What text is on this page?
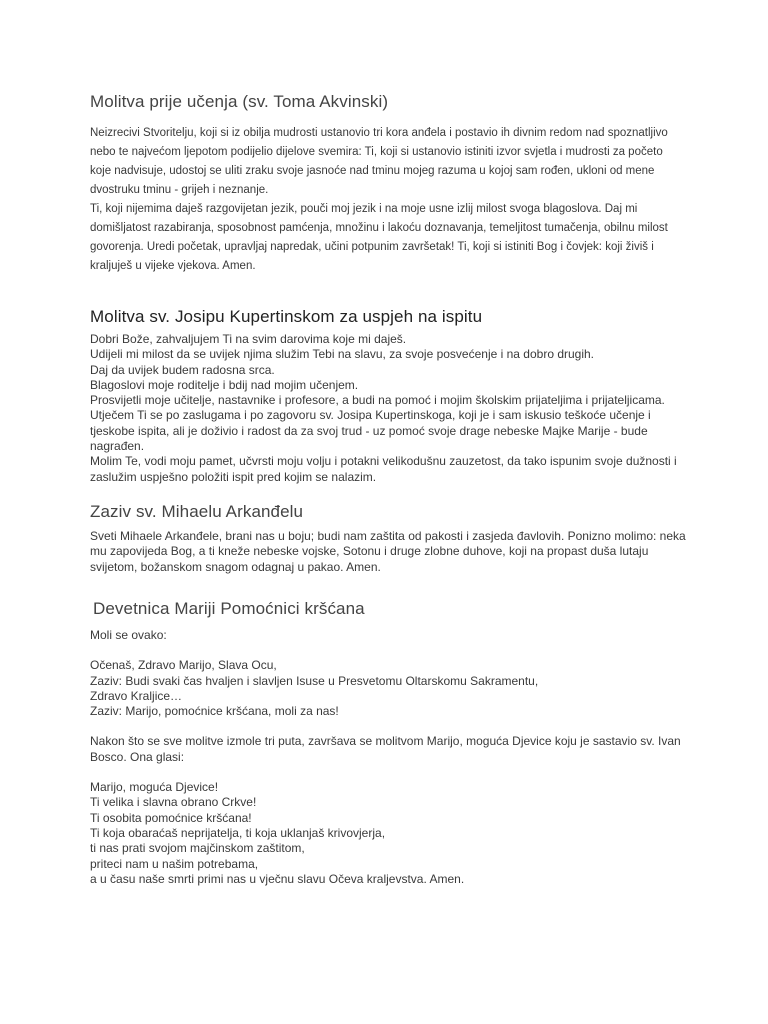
Molitva prije učenja (sv. Toma Akvinski)

Neizrecivi Stvoritelju, koji si iz obilja mudrosti ustanovio tri kora anđela i postavio ih divnim redom nad spoznatljivo
nebo te najvećom ljepotom podijelio dijelove svemira: Ti, koji si ustanovio istiniti izvor svjetla i mudrosti za početo
koje nadvisuje, udostoj se uliti zraku svoje jasnoće nad tminu mojeg razuma u kojoj sam rođen, ukloni od mene
dvostruku tminu - grijeh i neznanje.
Ti, koji nijemima daješ razgovijetan jezik, pouči moj jezik i na moje usne izlij milost svoga blagoslova. Daj mi
domišljatost razabiranja, sposobnost pamćenja, množinu i lakoću doznavanja, temeljitost tumačenja, obilnu milost
govorenja. Uredi početak, upravljaj napredak, učini potpunim završetak! Ti, koji si istiniti Bog i čovjek: koji živiš i
kraljuješ u vijeke vjekova. Amen.

Molitva sv. Josipu Kupertinskom za uspjeh na ispitu

Dobri Bože, zahvaljujem Ti na svim darovima koje mi daješ.
Udijeli mi milost da se uvijek njima služim Tebi na slavu, za svoje posvećenje i na dobro drugih.
Daj da uvijek budem radosna srca.
Blagoslovi moje roditelje i bdij nad mojim učenjem.
Prosvijetli moje učitelje, nastavnike i profesore, a budi na pomoć i mojim školskim prijateljima i prijateljicama.
Utječem Ti se po zaslugama i po zagovoru sv. Josipa Kupertinskoga, koji je i sam iskusio teškoće učenje i
tjeskobe ispita, ali je doživio i radost da za svoj trud - uz pomoć svoje drage nebeske Majke Marije - bude
nagrađen.
Molim Te, vodi moju pamet, učvrsti moju volju i potakni velikodušnu zauzetost, da tako ispunim svoje dužnosti i
zaslužim uspješno položiti ispit pred kojim se nalazim.

Zaziv sv. Mihaelu Arkanđelu

Sveti Mihaele Arkanđele, brani nas u boju; budi nam zaštita od pakosti i zasjeda đavlovih. Ponizno molimo: neka
mu zapovijeda Bog, a ti kneže nebeske vojske, Sotonu i druge zlobne duhove, koji na propast duša lutaju
svijetom, božanskom snagom odagnaj u pakao. Amen.

Devetnica Mariji Pomoćnici kršćana

Moli se ovako:
Očenaš, Zdravo Marijo, Slava Ocu,
Zaziv: Budi svaki čas hvaljen i slavljen Isuse u Presvetomu Oltarskomu Sakramentu,
Zdravo Kraljice…
Zaziv: Marijo, pomoćnice kršćana, moli za nas!
Nakon što se sve molitve izmole tri puta, završava se molitvom Marijo, moguća Djevice koju je sastavio sv. Ivan
Bosco. Ona glasi:
Marijo, moguća Djevice!
Ti velika i slavna obrano Crkve!
Ti osobita pomoćnice kršćana!
Ti koja obaraćaš neprijatelja, ti koja uklanjaš krivovjerja,
ti nas prati svojom majčinskom zaštitom,
priteci nam u našim potrebama,
a u času naše smrti primi nas u vječnu slavu Očeva kraljevstva. Amen.
